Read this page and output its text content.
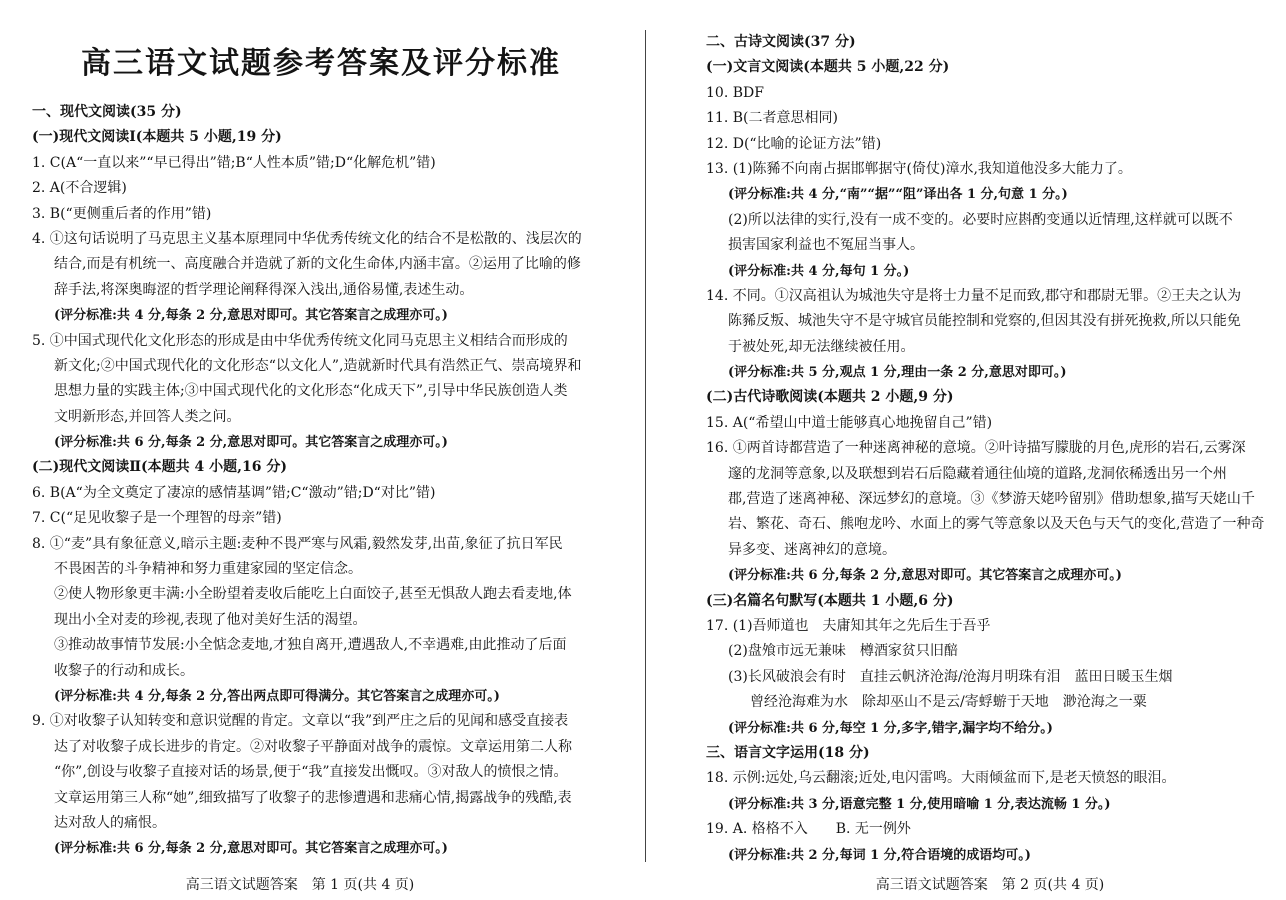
高三语文试题参考答案及评分标准
一、现代文阅读(35 分)
(一)现代文阅读Ⅰ(本题共 5 小题,19 分)
1. C(A“一直以来”“早已得出”错;B“人性本质”错;D“化解危机”错)
2. A(不合逻辑)
3. B(“更侧重后者的作用”错)
4. ①这句话说明了马克思主义基本原理同中华优秀传统文化的结合不是松散的、浅层次的
结合,而是有机统一、高度融合并造就了新的文化生命体,内涵丰富。②运用了比喻的修
辞手法,将深奥晦涩的哲学理论阐释得深入浅出,通俗易懂,表述生动。
(评分标准:共 4 分,每条 2 分,意思对即可。其它答案言之成理亦可。)
5. ①中国式现代化文化形态的形成是由中华优秀传统文化同马克思主义相结合而形成的
新文化;②中国式现代化的文化形态“以文化人”,造就新时代具有浩然正气、崇高境界和
思想力量的实践主体;③中国式现代化的文化形态“化成天下”,引导中华民族创造人类
文明新形态,并回答人类之问。
(评分标准:共 6 分,每条 2 分,意思对即可。其它答案言之成理亦可。)
(二)现代文阅读Ⅱ(本题共 4 小题,16 分)
6. B(A“为全文奠定了凄凉的感情基调”错;C“激动”错;D“对比”错)
7. C(“足见收黎子是一个理智的母亲”错)
8. ①“麦”具有象征意义,暗示主题:麦种不畏严寒与风霜,毅然发芽,出苗,象征了抗日军民
不畏困苦的斗争精神和努力重建家园的坚定信念。
②使人物形象更丰满:小全盼望着麦收后能吃上白面饺子,甚至无惧敌人跑去看麦地,体
现出小全对麦的珍视,表现了他对美好生活的渴望。
③推动故事情节发展:小全惦念麦地,才独自离开,遭遇敌人,不幸遇难,由此推动了后面
收黎子的行动和成长。
(评分标准:共 4 分,每条 2 分,答出两点即可得满分。其它答案言之成理亦可。)
9. ①对收黎子认知转变和意识觉醒的肯定。文章以“我”到严庄之后的见闻和感受直接表
达了对收黎子成长进步的肯定。②对收黎子平静面对战争的震惊。文章运用第二人称
“你”,创设与收黎子直接对话的场景,便于“我”直接发出慨叹。③对敌人的愤恨之情。
文章运用第三人称“她”,细致描写了收黎子的悲惨遭遇和悲痛心情,揭露战争的残酷,表
达对敌人的痛恨。
(评分标准:共 6 分,每条 2 分,意思对即可。其它答案言之成理亦可。)
高三语文试题答案　第 1 页(共 4 页)
二、古诗文阅读(37 分)
(一)文言文阅读(本题共 5 小题,22 分)
10. BDF
11. B(二者意思相同)
12. D(“比喻的论证方法”错)
13. (1)陈豨不向南占据邯郸据守(倚仗)漳水,我知道他没多大能力了。
(评分标准:共 4 分,“南”“据”“阻”译出各 1 分,句意 1 分。)
(2)所以法律的实行,没有一成不变的。必要时应斟酌变通以近情理,这样就可以既不
损害国家利益也不冤屈当事人。
(评分标准:共 4 分,每句 1 分。)
14. 不同。①汉高祖认为城池失守是将士力量不足而致,郡守和郡尉无罪。②王夫之认为
陈豨反叛、城池失守不是守城官员能控制和党察的,但因其没有拼死挽救,所以只能免
于被处死,却无法继续被任用。
(评分标准:共 5 分,观点 1 分,理由一条 2 分,意思对即可。)
(二)古代诗歌阅读(本题共 2 小题,9 分)
15. A(“希望山中道士能够真心地挽留自己”错)
16. ①两首诗都营造了一种迷离神秘的意境。②叶诗描写朦胧的月色,虎形的岩石,云雾深
邃的龙洞等意象,以及联想到岩石后隐藏着通往仙境的道路,龙洞依稀透出另一个州
郡,营造了迷离神秘、深远梦幻的意境。③《梦游天姥吟留别》借助想象,描写天姥山千
岩、繁花、奇石、熊咆龙吟、水面上的雾气等意象以及天色与天气的变化,营造了一种奇
异多变、迷离神幻的意境。
(评分标准:共 6 分,每条 2 分,意思对即可。其它答案言之成理亦可。)
(三)名篇名句默写(本题共 1 小题,6 分)
17. (1)吾师道也　夫庸知其年之先后生于吾乎
(2)盘飧市远无兼味　樽酒家贫只旧醅
(3)长风破浪会有时　直挂云帆济沧海/沧海月明珠有泪　蓝田日暖玉生烟
曾经沧海难为水　除却巫山不是云/寄蜉蝣于天地　渺沧海之一粟
(评分标准:共 6 分,每空 1 分,多字,错字,漏字均不给分。)
三、语言文字运用(18 分)
18. 示例:远处,乌云翻滚;近处,电闪雷鸣。大雨倾盆而下,是老天愤怒的眼泪。
(评分标准:共 3 分,语意完整 1 分,使用暗喻 1 分,表达流畅 1 分。)
19. A. 格格不入　　B. 无一例外
(评分标准:共 2 分,每词 1 分,符合语境的成语均可。)
高三语文试题答案　第 2 页(共 4 页)
